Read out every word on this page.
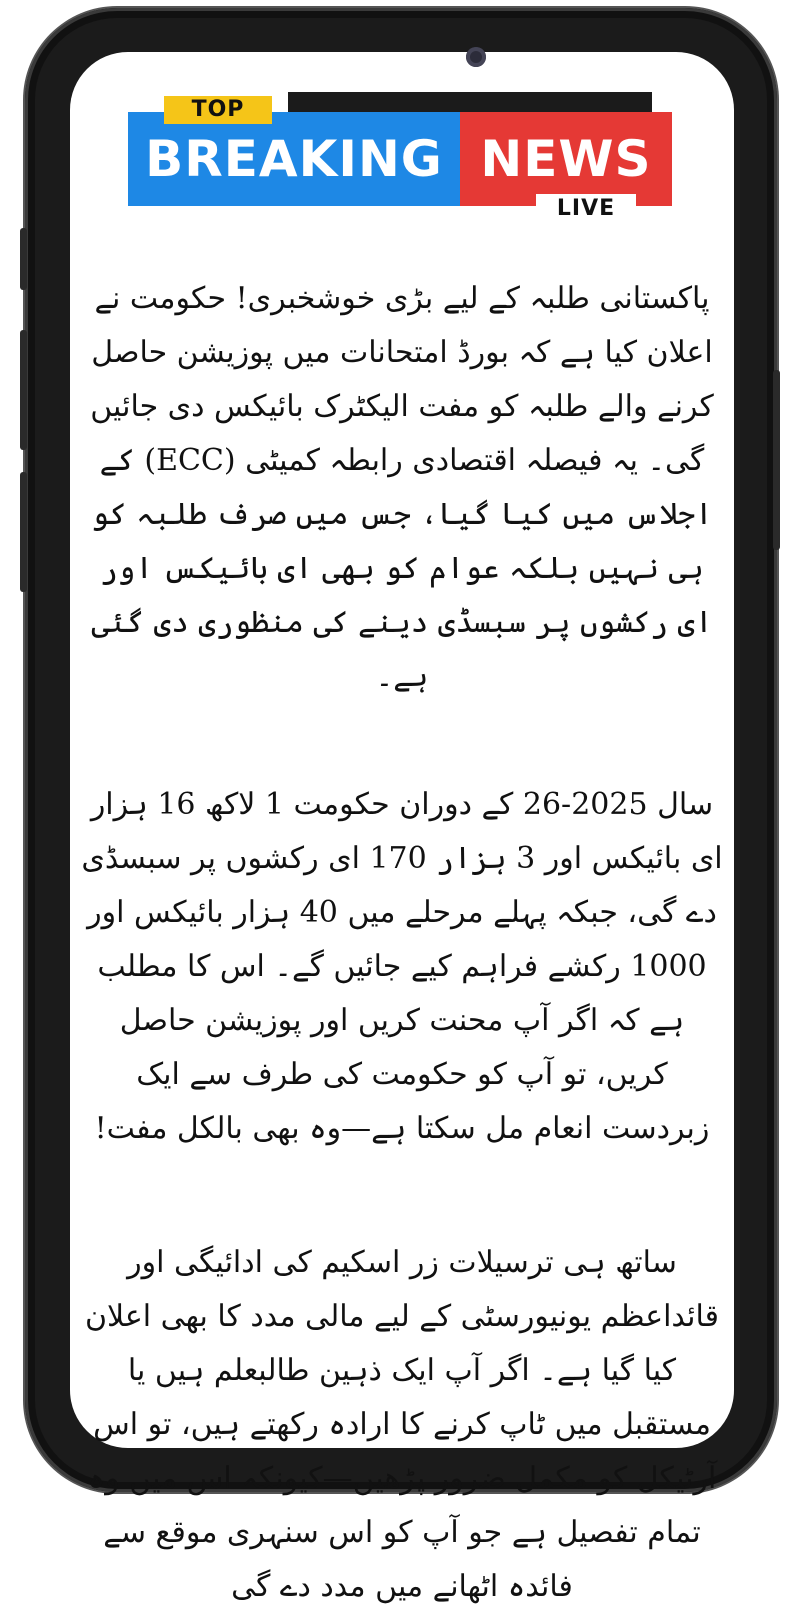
BREAKING NEWS
TOP
LIVE

پاکستانی طلبہ کے لیے بڑی خوشخبری! حکومت نے اعلان کیا ہے کہ بورڈ امتحانات میں پوزیشن حاصل کرنے والے طلبہ کو مفت الیکٹرک بائیکس دی جائیں گی۔ یہ فیصلہ اقتصادی رابطہ کمیٹی (ECC) کے اجلاس میں کیا گیا، جس میں صرف طلبہ کو ہی نہیں بلکہ عوام کو بھی ای بائیکس اور ای رکشوں پر سبسڈی دینے کی منظوری دی گئی ہے۔

سال 2025-26 کے دوران حکومت 1 لاکھ 16 ہزار ای بائیکس اور 3 ہزار 170 ای رکشوں پر سبسڈی دے گی، جبکہ پہلے مرحلے میں 40 ہزار بائیکس اور 1000 رکشے فراہم کیے جائیں گے۔ اس کا مطلب ہے کہ اگر آپ محنت کریں اور پوزیشن حاصل کریں، تو آپ کو حکومت کی طرف سے ایک زبردست انعام مل سکتا ہے—وہ بھی بالکل مفت!

ساتھ ہی ترسیلات زر اسکیم کی ادائیگی اور قائداعظم یونیورسٹی کے لیے مالی مدد کا بھی اعلان کیا گیا ہے۔ اگر آپ ایک ذہین طالبعلم ہیں یا مستقبل میں ٹاپ کرنے کا ارادہ رکھتے ہیں، تو اس آرٹیکل کو مکمل ضرور پڑھیں—کیونکہ اس میں وہ تمام تفصیل ہے جو آپ کو اس سنہری موقع سے فائدہ اٹھانے میں مدد دے گی
